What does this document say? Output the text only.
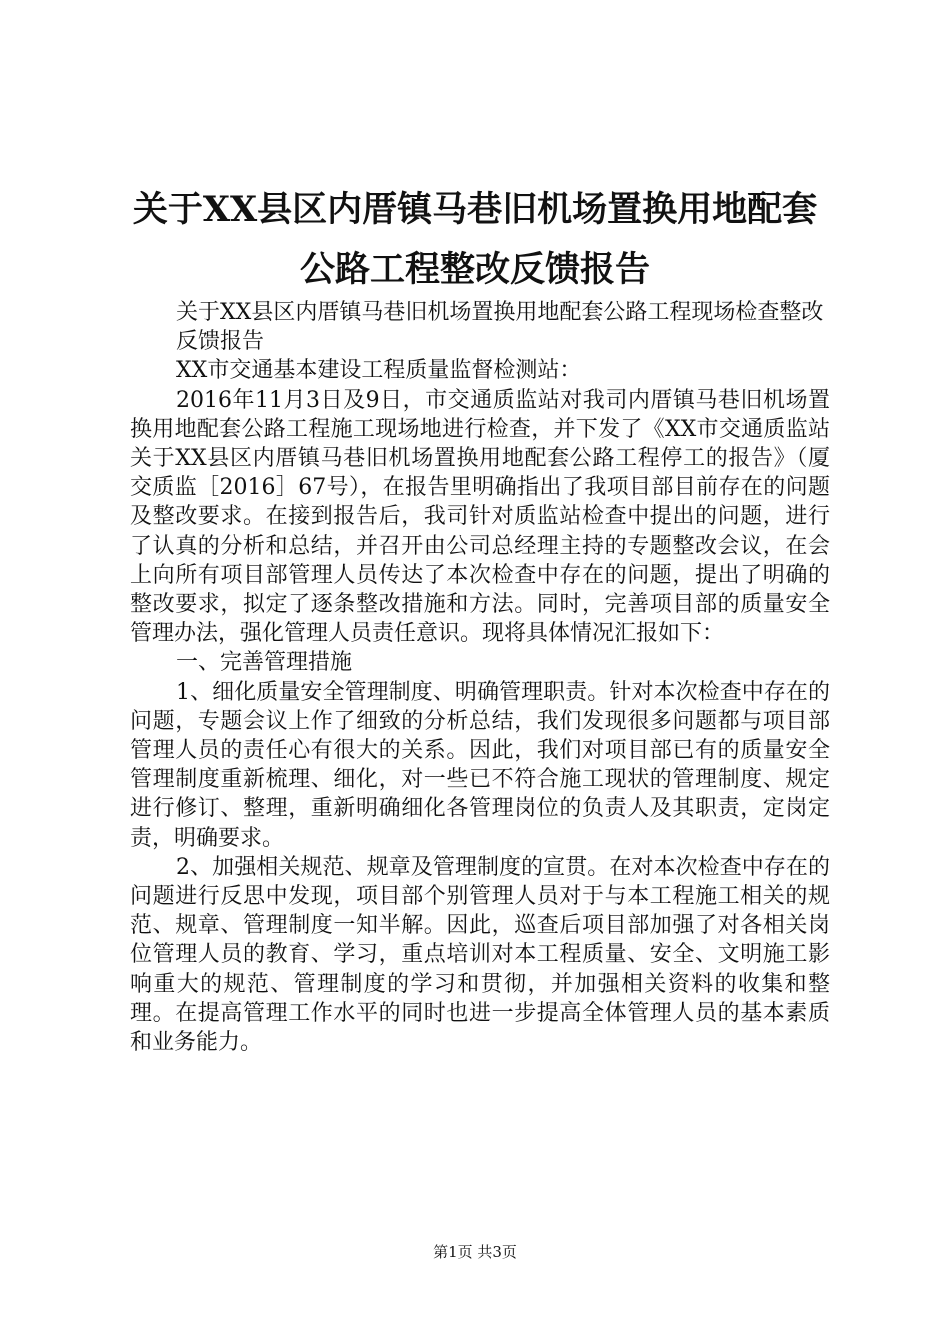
关于XX县区内厝镇马巷旧机场置换用地配套
公路工程整改反馈报告

关于XX县区内厝镇马巷旧机场置换用地配套公路工程现场检查整改反馈报告

XX市交通基本建设工程质量监督检测站：

2016年11月3日及9日，市交通质监站对我司内厝镇马巷旧机场置换用地配套公路工程施工现场地进行检查，并下发了《XX市交通质监站关于XX县区内厝镇马巷旧机场置换用地配套公路工程停工的报告》（厦交质监［2016］67号），在报告里明确指出了我项目部目前存在的问题及整改要求。在接到报告后，我司针对质监站检查中提出的问题，进行了认真的分析和总结，并召开由公司总经理主持的专题整改会议，在会上向所有项目部管理人员传达了本次检查中存在的问题，提出了明确的整改要求，拟定了逐条整改措施和方法。同时，完善项目部的质量安全管理办法，强化管理人员责任意识。现将具体情况汇报如下：

一、完善管理措施

1、细化质量安全管理制度、明确管理职责。针对本次检查中存在的问题，专题会议上作了细致的分析总结，我们发现很多问题都与项目部管理人员的责任心有很大的关系。因此，我们对项目部已有的质量安全管理制度重新梳理、细化，对一些已不符合施工现状的管理制度、规定进行修订、整理，重新明确细化各管理岗位的负责人及其职责，定岗定责，明确要求。

2、加强相关规范、规章及管理制度的宣贯。在对本次检查中存在的问题进行反思中发现，项目部个别管理人员对于与本工程施工相关的规范、规章、管理制度一知半解。因此，巡查后项目部加强了对各相关岗位管理人员的教育、学习，重点培训对本工程质量、安全、文明施工影响重大的规范、管理制度的学习和贯彻，并加强相关资料的收集和整理。在提高管理工作水平的同时也进一步提高全体管理人员的基本素质和业务能力。

第1页 共3页
